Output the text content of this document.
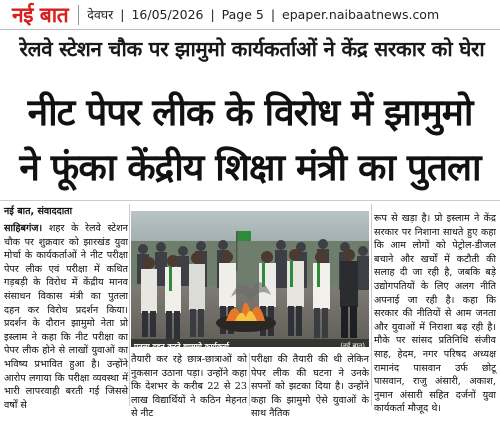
नई बात देवघर | 16/05/2026 | Page 5 | epaper.naibaatnews.com
रेलवे स्टेशन चौक पर झामुमो कार्यकर्ताओं ने केंद्र सरकार को घेरा
नीट पेपर लीक के विरोध में झामुमो
ने फूंका केंद्रीय शिक्षा मंत्री का पुतला
नई बात, संवाददाता
साहिबगंज। शहर के रेलवे स्टेशन चौक पर शुक्रवार को झारखंड युवा मोर्चा के कार्यकर्ताओं ने नीट परीक्षा पेपर लीक एवं परीक्षा में कथित गड़बड़ी के विरोध में केंद्रीय मानव संसाधन विकास मंत्री का पुतला दहन कर विरोध प्रदर्शन किया। प्रदर्शन के दौरान झामुमो नेता प्रो इस्लाम ने कहा कि नीट परीक्षा का पेपर लीक होने से लाखों युवाओं का भविष्य प्रभावित हुआ है। उन्होंने आरोप लगाया कि परीक्षा व्यवस्था में भारी लापरवाही बरती गई जिससे वर्षों से
पुतला दहन करते झामुमो कार्यकर्ता	(नई बात)
तैयारी कर रहे छात्र-छात्राओं को नुकसान उठाना पड़ा। उन्होंने कहा कि देशभर के करीब 22 से 23 लाख विद्यार्थियों ने कठिन मेहनत से नीट
परीक्षा की तैयारी की थी लेकिन पेपर लीक की घटना ने उनके सपनों को झटका दिया है। उन्होंने कहा कि झामुमो ऐसे युवाओं के साथ नैतिक
रूप से खड़ा है। प्रो इस्लाम ने केंद्र सरकार पर निशाना साधते हुए कहा कि आम लोगों को पेट्रोल-डीजल बचाने और खर्चों में कटौती की सलाह दी जा रही है, जबकि बड़े उद्योगपतियों के लिए अलग नीति अपनाई जा रही है। कहा कि सरकार की नीतियों से आम जनता और युवाओं में निराशा बढ़ रही है। मौके पर सांसद प्रतिनिधि संजीव साह, हेदम, नगर परिषद अध्यक्ष रामानंद पासवान उर्फ छोटू पासवान, राजु अंसारी, अकाश, नुमान अंसारी सहित दर्जनों युवा कार्यकर्ता मौजूद थे।
